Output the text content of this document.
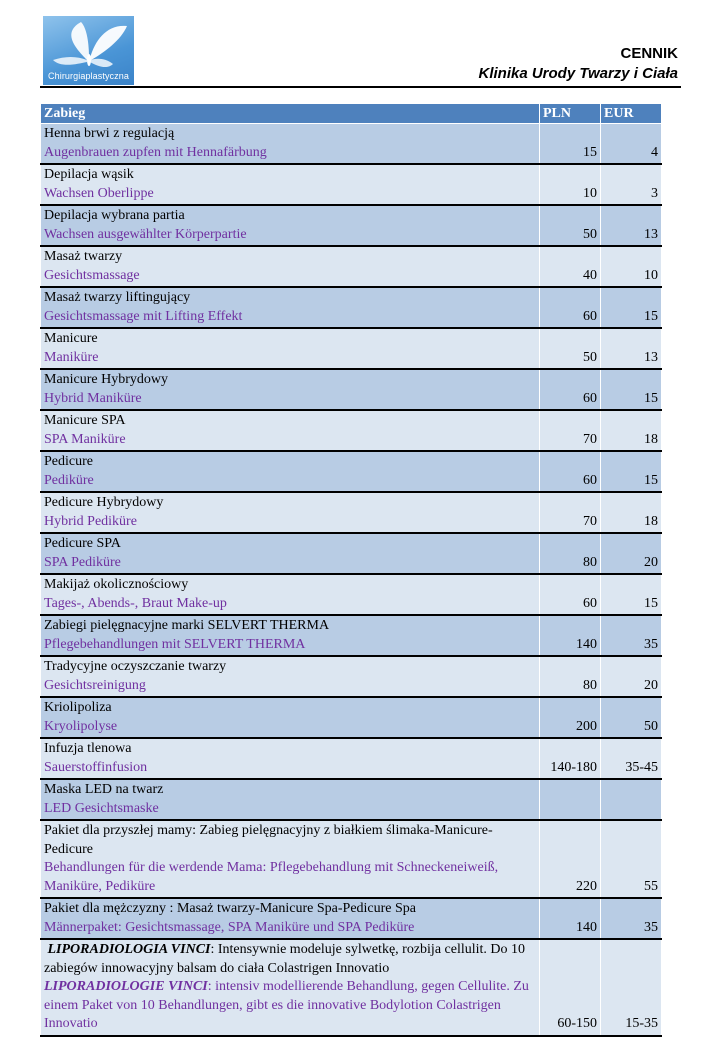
Chirurgiaplastyczna
CENNIK
Klinika Urody Twarzy i Ciała
Zabieg	PLN	EUR

Henna brwi z regulacją
Augenbrauen zupfen mit Hennafärbung	15	4

Depilacja wąsik
Wachsen Oberlippe	10	3

Depilacja wybrana partia
Wachsen ausgewählter Körperpartie	50	13

Masaż twarzy
Gesichtsmassage	40	10

Masaż twarzy liftingujący
Gesichtsmassage mit Lifting Effekt	60	15

Manicure
Maniküre	50	13

Manicure Hybrydowy
Hybrid Maniküre	60	15

Manicure SPA
SPA Maniküre	70	18

Pedicure
Pediküre	60	15

Pedicure Hybrydowy
Hybrid Pediküre	70	18

Pedicure SPA
SPA Pediküre	80	20

Makijaż okolicznościowy
Tages-, Abends-, Braut Make-up	60	15

Zabiegi pielęgnacyjne marki SELVERT THERMA
Pflegebehandlungen mit SELVERT THERMA	140	35

Tradycyjne oczyszczanie twarzy
Gesichtsreinigung	80	20

Kriolipoliza
Kryolipolyse	200	50

Infuzja tlenowa
Sauerstoffinfusion	140-180	35-45

Maska LED na twarz
LED Gesichtsmaske		

Pakiet dla przyszłej mamy: Zabieg pielęgnacyjny z białkiem ślimaka-Manicure-Pedicure
Behandlungen für die werdende Mama: Pflegebehandlung mit Schneckeneiweiß, Maniküre, Pediküre	220	55

Pakiet dla mężczyzny : Masaż twarzy-Manicure Spa-Pedicure Spa
Männerpaket: Gesichtsmassage, SPA Maniküre und SPA Pediküre	140	35

LIPORADIOLOGIA VINCI: Intensywnie modeluje sylwetkę, rozbija cellulit. Do 10 zabiegów innowacyjny balsam do ciała Colastrigen Innovatio
LIPORADIOLOGIE VINCI: intensiv modellierende Behandlung, gegen Cellulite. Zu einem Paket von 10 Behandlungen, gibt es die innovative Bodylotion Colastrigen Innovatio	60-150	15-35
